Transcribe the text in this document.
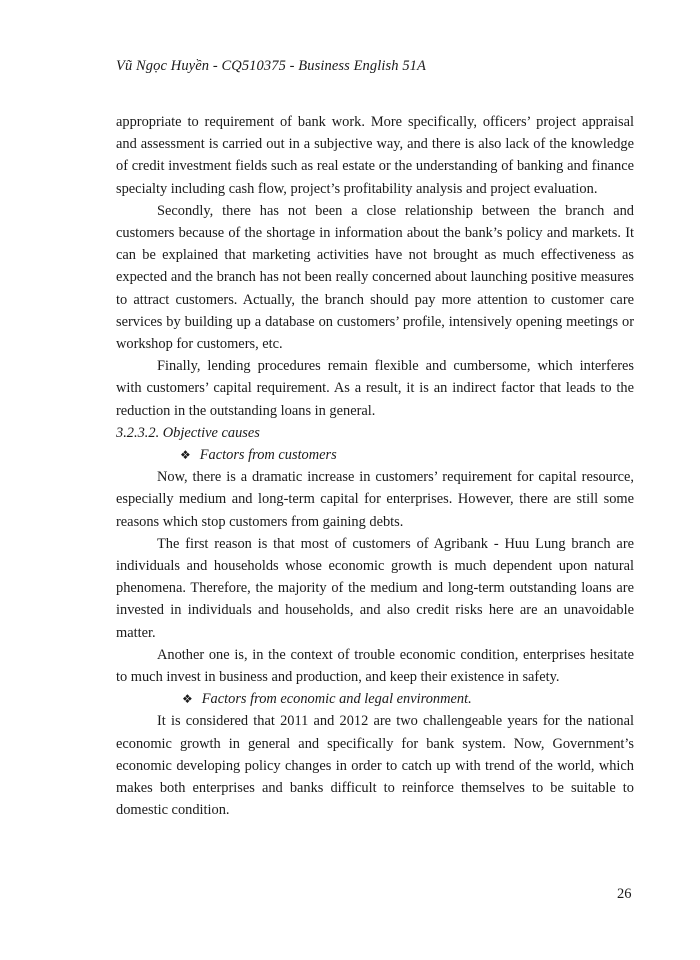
Vũ Ngọc Huyền - CQ510375 - Business English 51A

appropriate to requirement of bank work. More specifically, officers’ project appraisal and assessment is carried out in a subjective way, and there is also lack of the knowledge of credit investment fields such as real estate or the understanding of banking and finance specialty including cash flow, project’s profitability analysis and project evaluation.

Secondly, there has not been a close relationship between the branch and customers because of the shortage in information about the bank’s policy and markets. It can be explained that marketing activities have not brought as much effectiveness as expected and the branch has not been really concerned about launching positive measures to attract customers. Actually, the branch should pay more attention to customer care services by building up a database on customers’ profile, intensively opening meetings or workshop for customers, etc.

Finally, lending procedures remain flexible and cumbersome, which interferes with customers’ capital requirement. As a result, it is an indirect factor that leads to the reduction in the outstanding loans in general.

3.2.3.2. Objective causes

❖ Factors from customers

Now, there is a dramatic increase in customers’ requirement for capital resource, especially medium and long-term capital for enterprises. However, there are still some reasons which stop customers from gaining debts.

The first reason is that most of customers of Agribank - Huu Lung branch are individuals and households whose economic growth is much dependent upon natural phenomena. Therefore, the majority of the medium and long-term outstanding loans are invested in individuals and households, and also credit risks here are an unavoidable matter.

Another one is, in the context of trouble economic condition, enterprises hesitate to much invest in business and production, and keep their existence in safety.

❖ Factors from economic and legal environment.

It is considered that 2011 and 2012 are two challengeable years for the national economic growth in general and specifically for bank system. Now, Government’s economic developing policy changes in order to catch up with trend of the world, which makes both enterprises and banks difficult to reinforce themselves to be suitable to domestic condition.

26
